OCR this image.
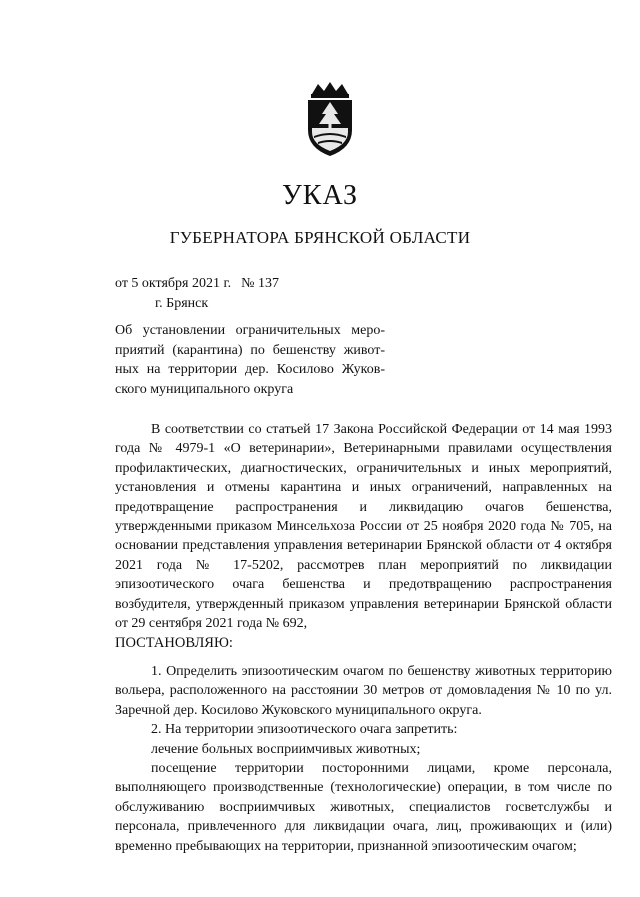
УКАЗ
ГУБЕРНАТОРА БРЯНСКОЙ ОБЛАСТИ
от 5 октября 2021 г. № 137
г. Брянск
Об установлении ограничительных меро-
приятий (карантина) по бешенству живот-
ных на территории дер. Косилово Жуков-
ского муниципального округа

В соответствии со статьей 17 Закона Российской Федерации от 14 мая 1993 года № 4979-1 «О ветеринарии», Ветеринарными правилами осуществления профилактических, диагностических, ограничительных и иных мероприятий, установления и отмены карантина и иных ограничений, направленных на предотвращение распространения и ликвидацию очагов бешенства, утвержденными приказом Минсельхоза России от 25 ноября 2020 года № 705, на основании представления управления ветеринарии Брянской области от 4 октября 2021 года № 17-5202, рассмотрев план мероприятий по ликвидации эпизоотического очага бешенства и предотвращению распространения возбудителя, утвержденный приказом управления ветеринарии Брянской области от 29 сентября 2021 года № 692,

ПОСТАНОВЛЯЮ:

1. Определить эпизоотическим очагом по бешенству животных территорию вольера, расположенного на расстоянии 30 метров от домовладения № 10 по ул. Заречной дер. Косилово Жуковского муниципального округа.

2. На территории эпизоотического очага запретить:

лечение больных восприимчивых животных;

посещение территории посторонними лицами, кроме персонала, выполняющего производственные (технологические) операции, в том числе по обслуживанию восприимчивых животных, специалистов госветслужбы и персонала, привлеченного для ликвидации очага, лиц, проживающих и (или) временно пребывающих на территории, признанной эпизоотическим очагом;
